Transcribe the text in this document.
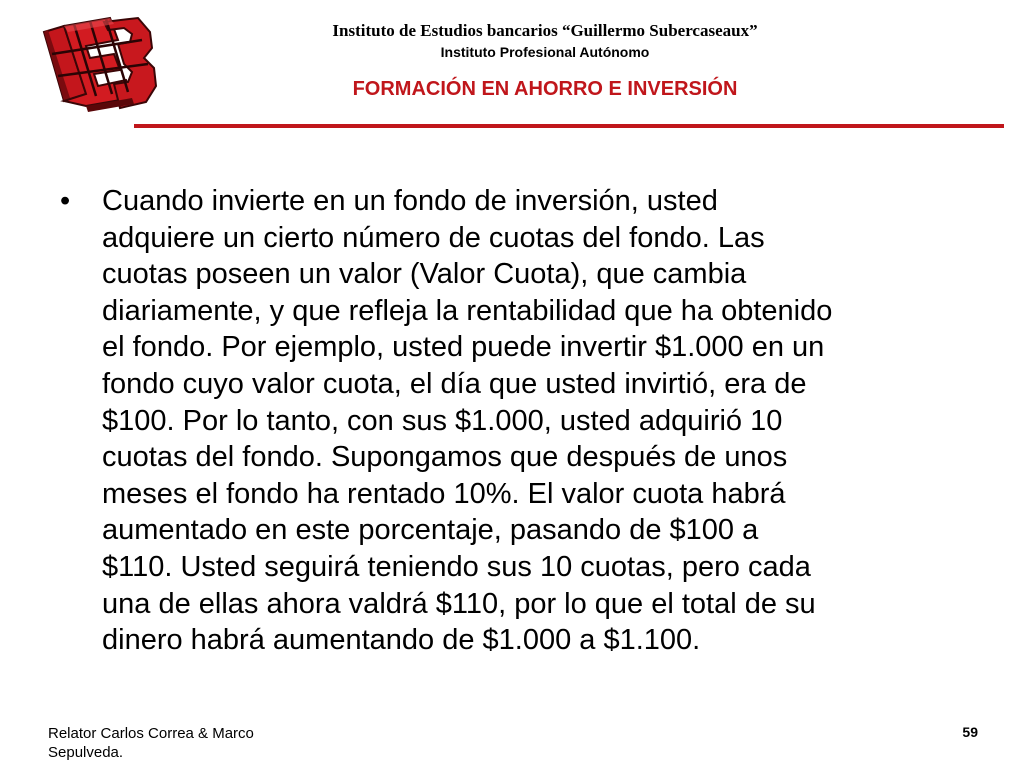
Instituto de Estudios bancarios “Guillermo Subercaseaux”
Instituto Profesional Autónomo
FORMACIÓN EN AHORRO E INVERSIÓN
• Cuando invierte en un fondo de inversión, usted
adquiere un cierto número de cuotas del fondo. Las
cuotas poseen un valor (Valor Cuota), que cambia
diariamente, y que refleja la rentabilidad que ha obtenido
el fondo. Por ejemplo, usted puede invertir $1.000 en un
fondo cuyo valor cuota, el día que usted invirtió, era de
$100. Por lo tanto, con sus $1.000, usted adquirió 10
cuotas del fondo. Supongamos que después de unos
meses el fondo ha rentado 10%. El valor cuota habrá
aumentado en este porcentaje, pasando de $100 a
$110. Usted seguirá teniendo sus 10 cuotas, pero cada
una de ellas ahora valdrá $110, por lo que el total de su
dinero habrá aumentando de $1.000 a $1.100.
Relator Carlos Correa & Marco
Sepulveda.
59
